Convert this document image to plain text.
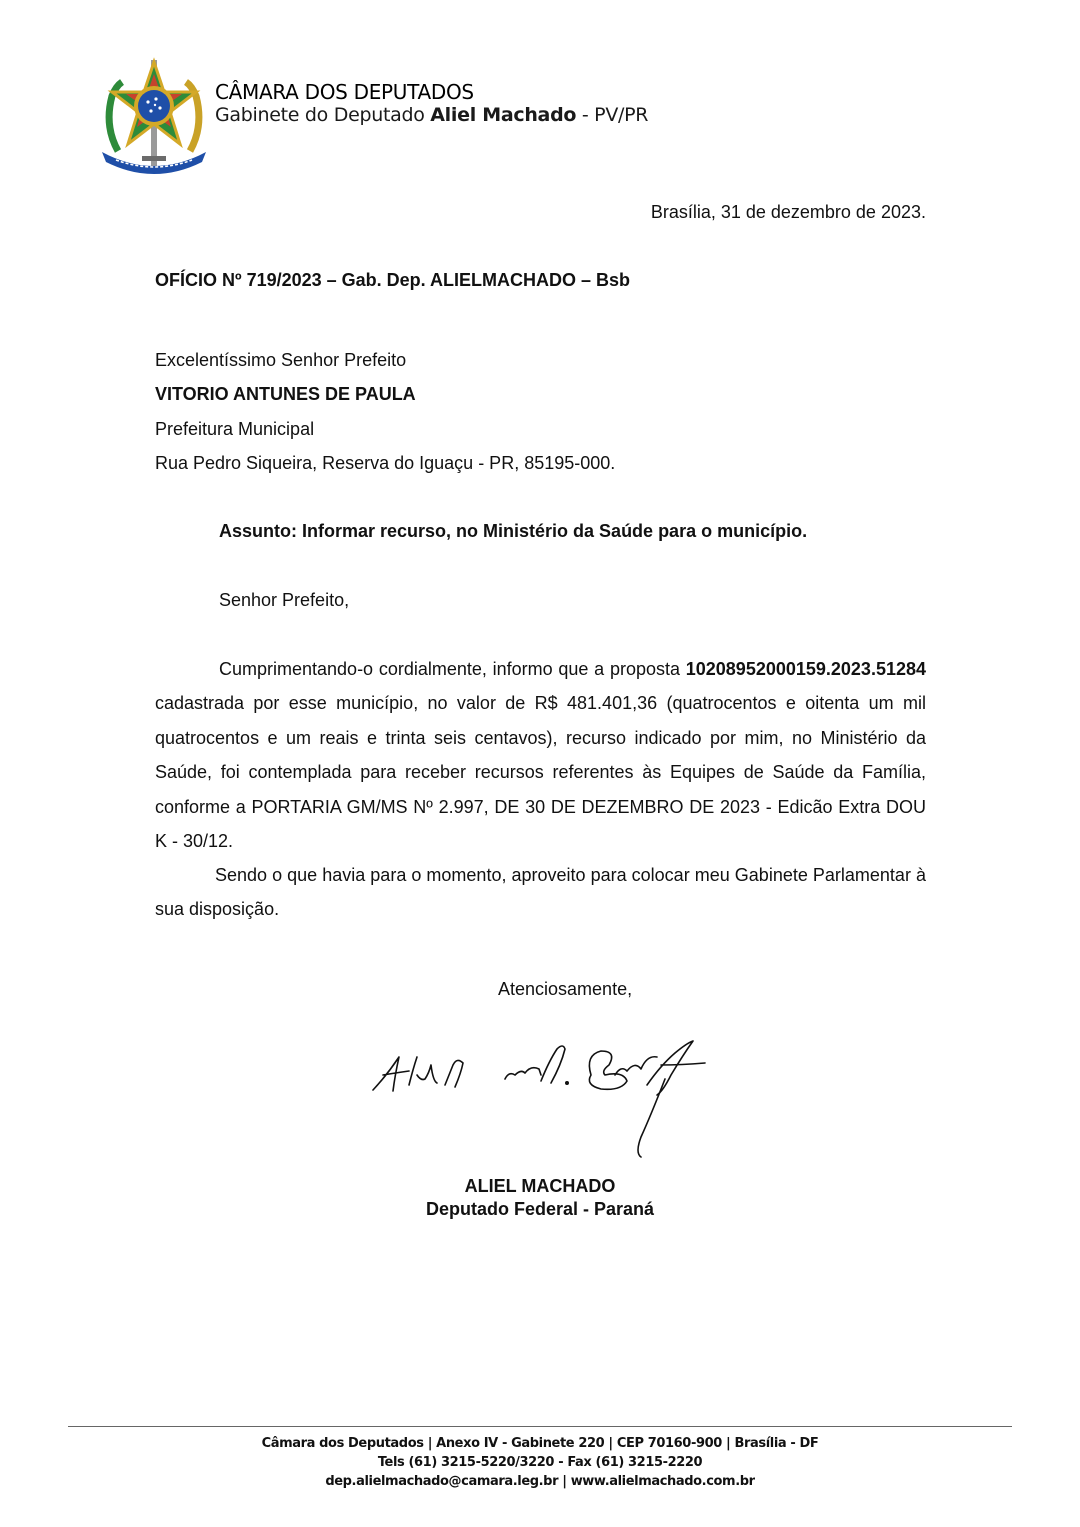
CÂMARA DOS DEPUTADOS
Gabinete do Deputado Aliel Machado - PV/PR
Brasília, 31 de dezembro de 2023.
OFÍCIO Nº 719/2023 – Gab. Dep. ALIELMACHADO – Bsb
Excelentíssimo Senhor Prefeito
VITORIO ANTUNES DE PAULA
Prefeitura Municipal
Rua Pedro Siqueira, Reserva do Iguaçu - PR, 85195-000.
Assunto: Informar recurso, no Ministério da Saúde para o município.
Senhor Prefeito,
Cumprimentando-o cordialmente, informo que a proposta 10208952000159.2023.51284 cadastrada por esse município, no valor de R$ 481.401,36 (quatrocentos e oitenta um mil quatrocentos e um reais e trinta seis centavos), recurso indicado por mim, no Ministério da Saúde, foi contemplada para receber recursos referentes às Equipes de Saúde da Família, conforme a PORTARIA GM/MS Nº 2.997, DE 30 DE DEZEMBRO DE 2023 - Edicão Extra DOU K - 30/12.
Sendo o que havia para o momento, aproveito para colocar meu Gabinete Parlamentar à sua disposição.
Atenciosamente,
ALIEL MACHADO
Deputado Federal - Paraná
Câmara dos Deputados | Anexo IV - Gabinete 220 | CEP 70160-900 | Brasília - DF
Tels (61) 3215-5220/3220 - Fax (61) 3215-2220
dep.alielmachado@camara.leg.br | www.alielmachado.com.br
